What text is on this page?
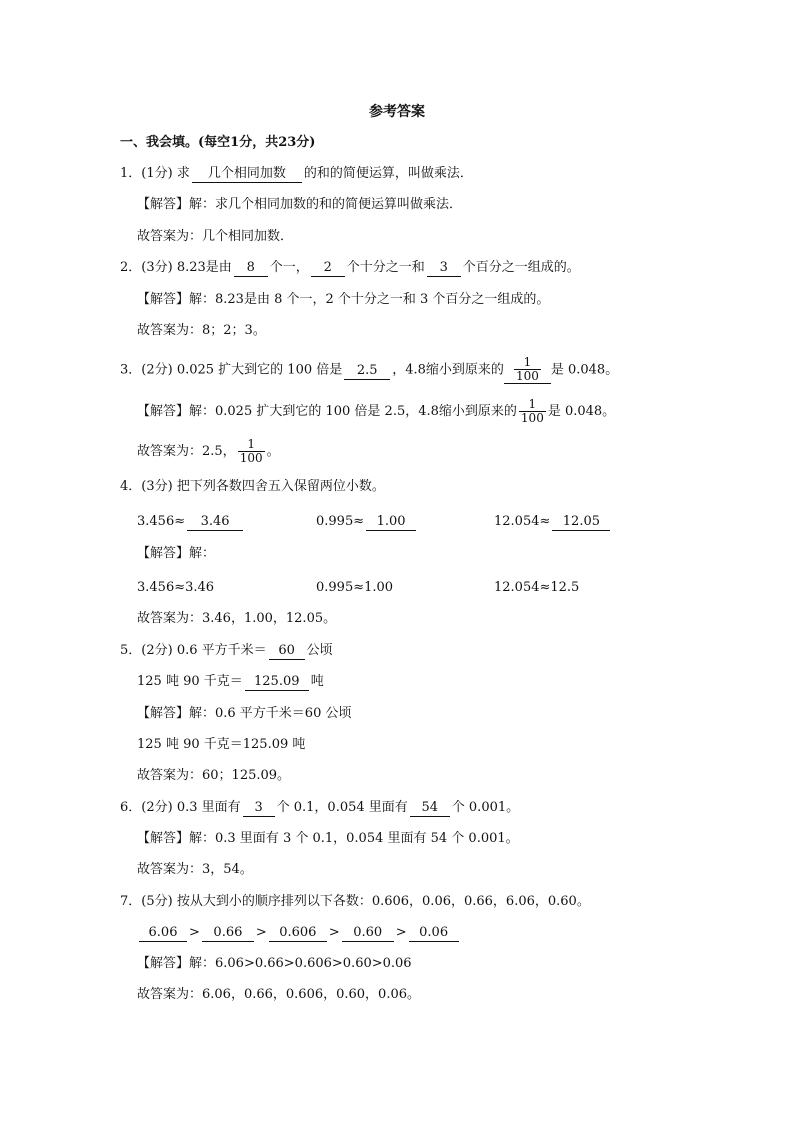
参考答案
一、我会填。(每空1分，共23分)
1．(1分) 求 几个相同加数 的和的简便运算，叫做乘法．
【解答】解：求几个相同加数的和的简便运算叫做乘法．
故答案为：几个相同加数．
2．(3分) 8.23是由 8 个一， 2 个十分之一和 3 个百分之一组成的。
【解答】解：8.23是由 8 个一，2 个十分之一和 3 个百分之一组成的。
故答案为：8；2；3。
3．(2分) 0.025 扩大到它的 100 倍是 2.5 ，4.8缩小到原来的 $\frac{1}{100}$ 是 0.048。
【解答】解：0.025 扩大到它的 100 倍是 2.5，4.8缩小到原来的 $\frac{1}{100}$ 是 0.048。
故答案为：2.5， $\frac{1}{100}$ 。
4．(3分) 把下列各数四舍五入保留两位小数。
3.456≈ 3.46	0.995≈ 1.00	12.054≈ 12.05
【解答】解：
3.456≈3.46	0.995≈1.00	12.054≈12.5
故答案为：3.46，1.00，12.05。
5．(2分) 0.6 平方千米＝ 60 公顷
125 吨 90 千克＝ 125.09 吨
【解答】解：0.6 平方千米＝60 公顷
125 吨 90 千克＝125.09 吨
故答案为：60；125.09。
6．(2分) 0.3 里面有 3 个 0.1，0.054 里面有 54 个 0.001。
【解答】解：0.3 里面有 3 个 0.1，0.054 里面有 54 个 0.001。
故答案为：3，54。
7．(5分) 按从大到小的顺序排列以下各数：0.606，0.06，0.66，6.06，0.60。
6.06 > 0.66 > 0.606 > 0.60 > 0.06
【解答】解：6.06>0.66>0.606>0.60>0.06
故答案为：6.06，0.66，0.606，0.60，0.06。
